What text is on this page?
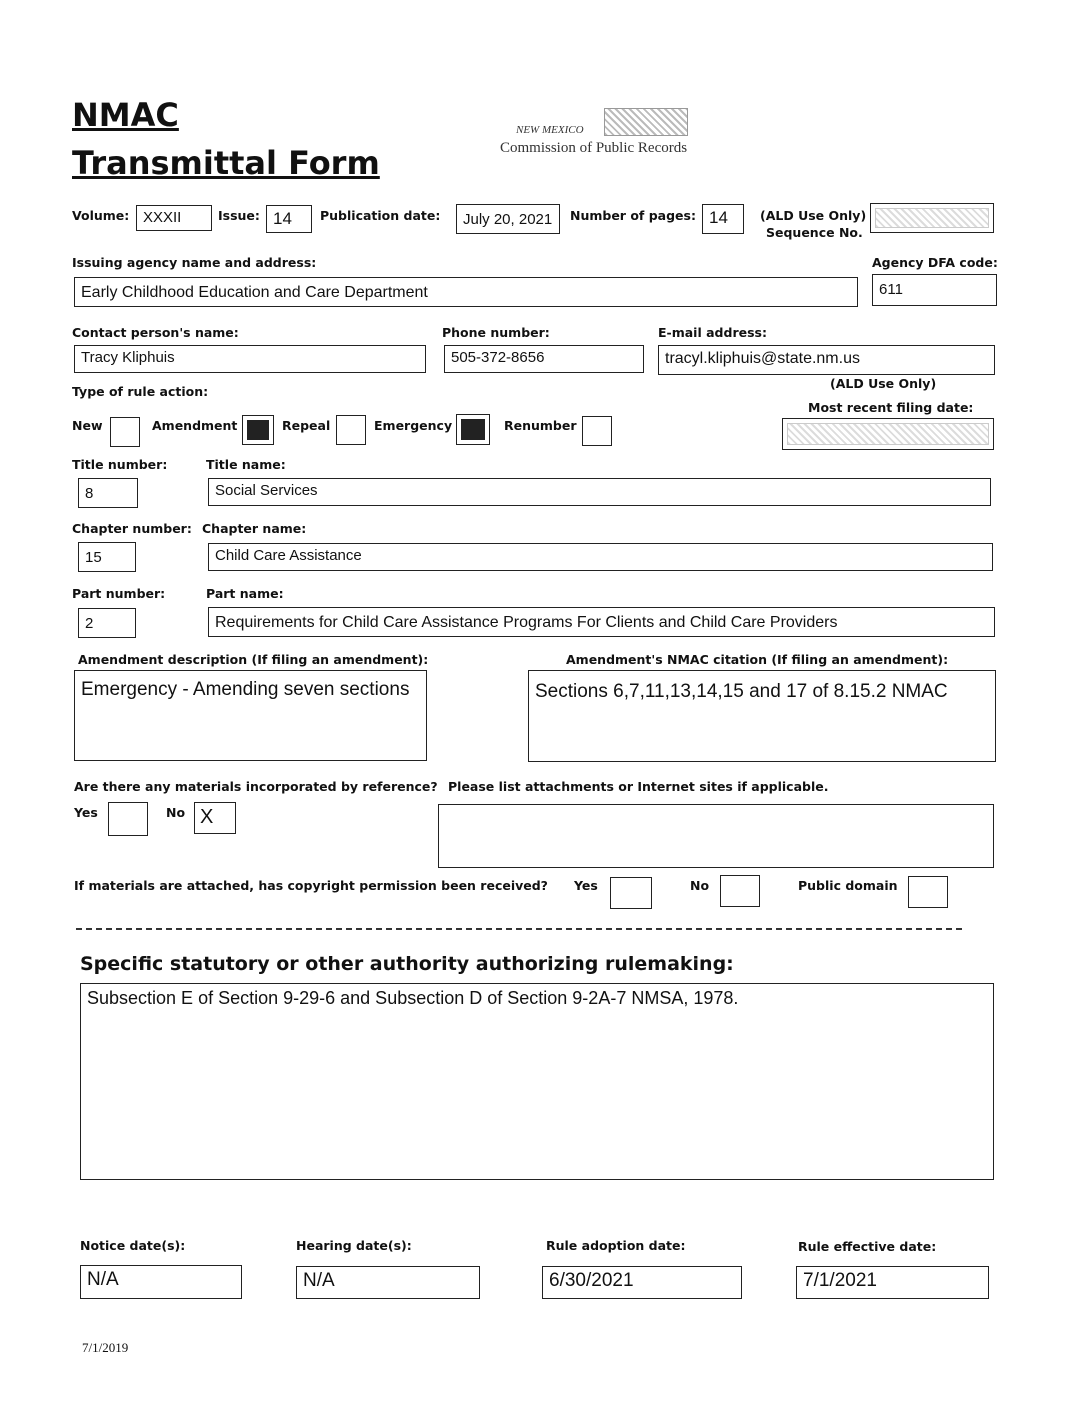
NMAC
Transmittal Form
NEW MEXICO
Commission of Public Records
Volume: XXXII	Issue: 14	Publication date:	July 20, 2021	Number of pages: 14	(ALD Use Only)
Sequence No.
Issuing agency name and address:	Agency DFA code:
Early Childhood Education and Care Department	611
Contact person's name:	Phone number:	E-mail address:
Tracy Kliphuis	505-372-8656	tracyl.kliphuis@state.nm.us
Type of rule action:
(ALD Use Only)
Most recent filing date:
New	Amendment	Repeal	Emergency	Renumber
Title number:	Title name:
8	Social Services
Chapter number: Chapter name:
15	Child Care Assistance
Part number:	Part name:
2	Requirements for Child Care Assistance Programs For Clients and Child Care Providers
Amendment description (If filing an amendment):	Amendment's NMAC citation (If filing an amendment):
Emergency - Amending seven sections	Sections 6,7,11,13,14,15 and 17 of 8.15.2 NMAC
Are there any materials incorporated by reference? Please list attachments or Internet sites if applicable.
Yes	No X
If materials are attached, has copyright permission been received? Yes	No	Public domain
Specific statutory or other authority authorizing rulemaking:
Subsection E of Section 9-29-6 and Subsection D of Section 9-2A-7 NMSA, 1978.
Notice date(s):	Hearing date(s):	Rule adoption date:	Rule effective date:
N/A	N/A	6/30/2021	7/1/2021
7/1/2019
